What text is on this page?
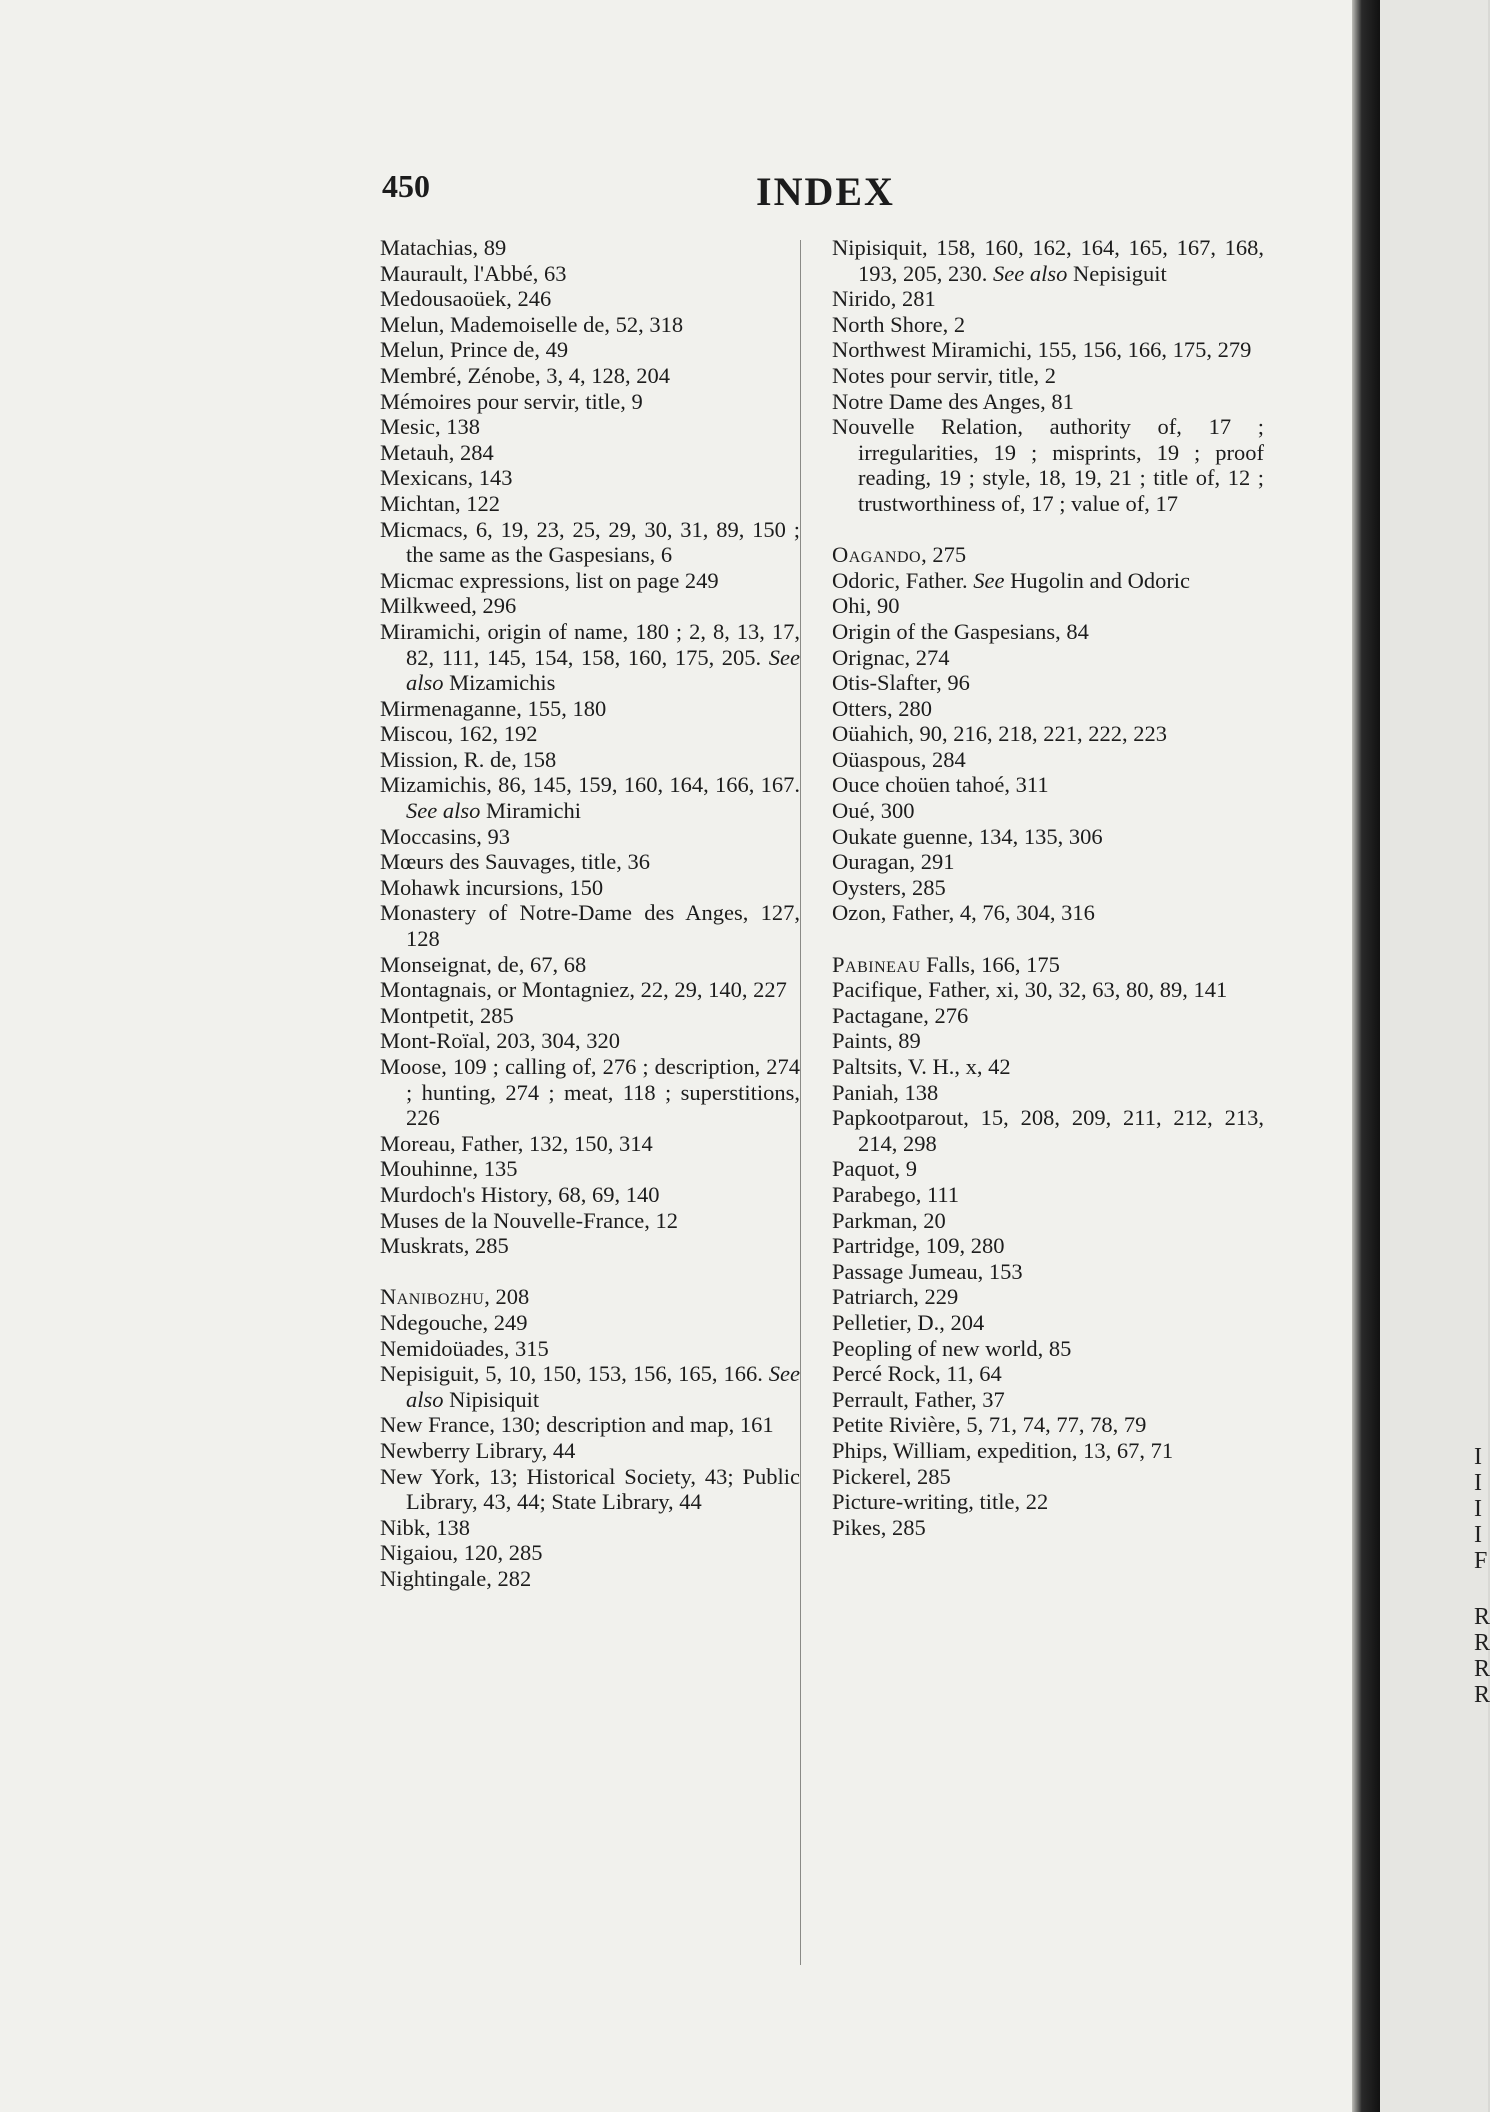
450	INDEX
Matachias, 89
Maurault, l'Abbé, 63
Medousaoüek, 246
Melun, Mademoiselle de, 52, 318
Melun, Prince de, 49
Membré, Zénobe, 3, 4, 128, 204
Mémoires pour servir, title, 9
Mesic, 138
Metauh, 284
Mexicans, 143
Michtan, 122
Micmacs, 6, 19, 23, 25, 29, 30, 31, 89, 150 ; the same as the Gaspesians, 6
Micmac expressions, list on page 249
Milkweed, 296
Miramichi, origin of name, 180 ; 2, 8, 13, 17, 82, 111, 145, 154, 158, 160, 175, 205. See also Mizamichis
Mirmenaganne, 155, 180
Miscou, 162, 192
Mission, R. de, 158
Mizamichis, 86, 145, 159, 160, 164, 166, 167. See also Miramichi
Moccasins, 93
Mœurs des Sauvages, title, 36
Mohawk incursions, 150
Monastery of Notre-Dame des Anges, 127, 128
Monseignat, de, 67, 68
Montagnais, or Montagniez, 22, 29, 140, 227
Montpetit, 285
Mont-Roïal, 203, 304, 320
Moose, 109 ; calling of, 276 ; description, 274 ; hunting, 274 ; meat, 118 ; superstitions, 226
Moreau, Father, 132, 150, 314
Mouhinne, 135
Murdoch's History, 68, 69, 140
Muses de la Nouvelle-France, 12
Muskrats, 285
Nanibozhu, 208
Ndegouche, 249
Nemidoüades, 315
Nepisiguit, 5, 10, 150, 153, 156, 165, 166. See also Nipisiquit
New France, 130; description and map, 161
Newberry Library, 44
New York, 13; Historical Society, 43; Public Library, 43, 44; State Library, 44
Nibk, 138
Nigaiou, 120, 285
Nightingale, 282
Nipisiquit, 158, 160, 162, 164, 165, 167, 168, 193, 205, 230. See also Nepisiguit
Nirido, 281
North Shore, 2
Northwest Miramichi, 155, 156, 166, 175, 279
Notes pour servir, title, 2
Notre Dame des Anges, 81
Nouvelle Relation, authority of, 17 ; irregularities, 19 ; misprints, 19 ; proof reading, 19 ; style, 18, 19, 21 ; title of, 12 ; trustworthiness of, 17 ; value of, 17
Oagando, 275
Odoric, Father. See Hugolin and Odoric
Ohi, 90
Origin of the Gaspesians, 84
Orignac, 274
Otis-Slafter, 96
Otters, 280
Oüahich, 90, 216, 218, 221, 222, 223
Oüaspous, 284
Ouce choüen tahoé, 311
Oué, 300
Oukate guenne, 134, 135, 306
Ouragan, 291
Oysters, 285
Ozon, Father, 4, 76, 304, 316
Pabineau Falls, 166, 175
Pacifique, Father, xi, 30, 32, 63, 80, 89, 141
Pactagane, 276
Paints, 89
Paltsits, V. H., x, 42
Paniah, 138
Papkootparout, 15, 208, 209, 211, 212, 213, 214, 298
Paquot, 9
Parabego, 111
Parkman, 20
Partridge, 109, 280
Passage Jumeau, 153
Patriarch, 229
Pelletier, D., 204
Peopling of new world, 85
Percé Rock, 11, 64
Perrault, Father, 37
Petite Rivière, 5, 71, 74, 77, 78, 79
Phips, William, expedition, 13, 67, 71
Pickerel, 285
Picture-writing, title, 22
Pikes, 285
I
I
I
I
F
R
R
R
R
